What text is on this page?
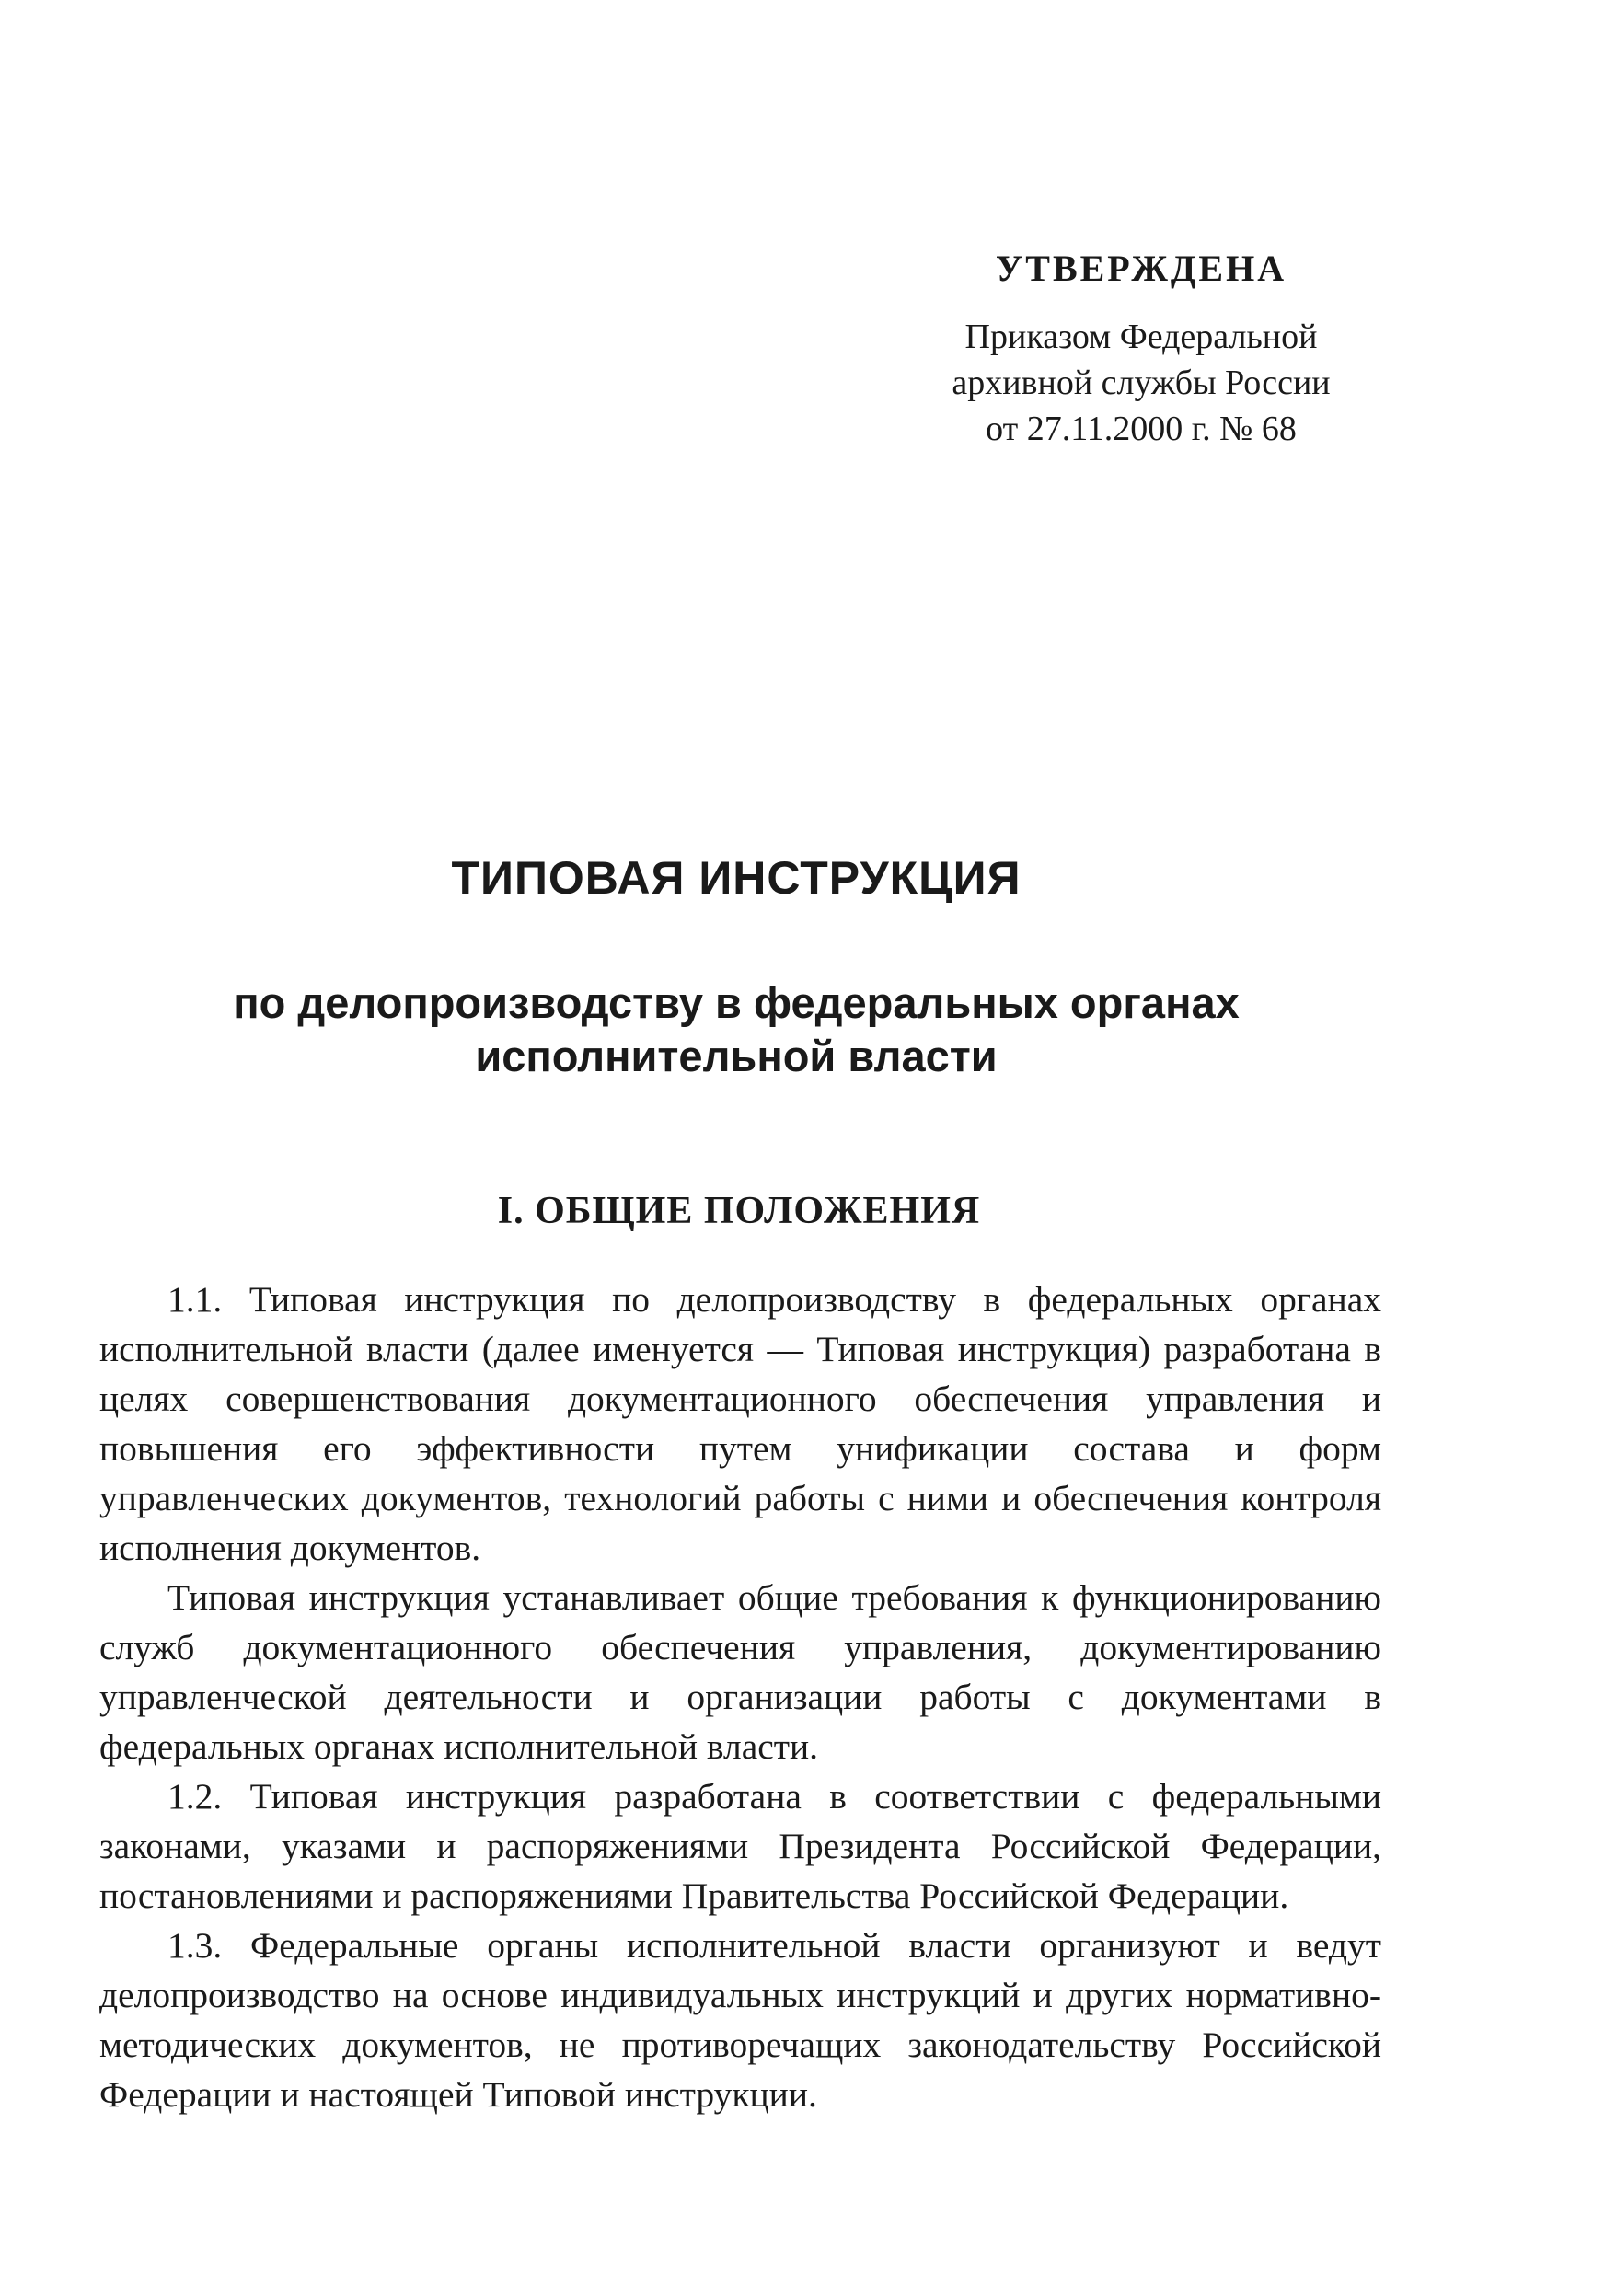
УТВЕРЖДЕНА
Приказом Федеральной
архивной службы России
от 27.11.2000 г. № 68
ТИПОВАЯ ИНСТРУКЦИЯ
по делопроизводству в федеральных органах
исполнительной власти
I. ОБЩИЕ ПОЛОЖЕНИЯ

1.1. Типовая инструкция по делопроизводству в федеральных органах исполнительной власти (далее именуется — Типовая инструкция) разработана в целях совершенствования документационного обеспечения управления и повышения его эффективности путем унификации состава и форм управленческих документов, технологий работы с ними и обеспечения контроля исполнения документов.

Типовая инструкция устанавливает общие требования к функционированию служб документационного обеспечения управления, документированию управленческой деятельности и организации работы с документами в федеральных органах исполнительной власти.

1.2. Типовая инструкция разработана в соответствии с федеральными законами, указами и распоряжениями Президента Российской Федерации, постановлениями и распоряжениями Правительства Российской Федерации.

1.3. Федеральные органы исполнительной власти организуют и ведут делопроизводство на основе индивидуальных инструкций и других нормативно-методических документов, не противоречащих законодательству Российской Федерации и настоящей Типовой инструкции.
